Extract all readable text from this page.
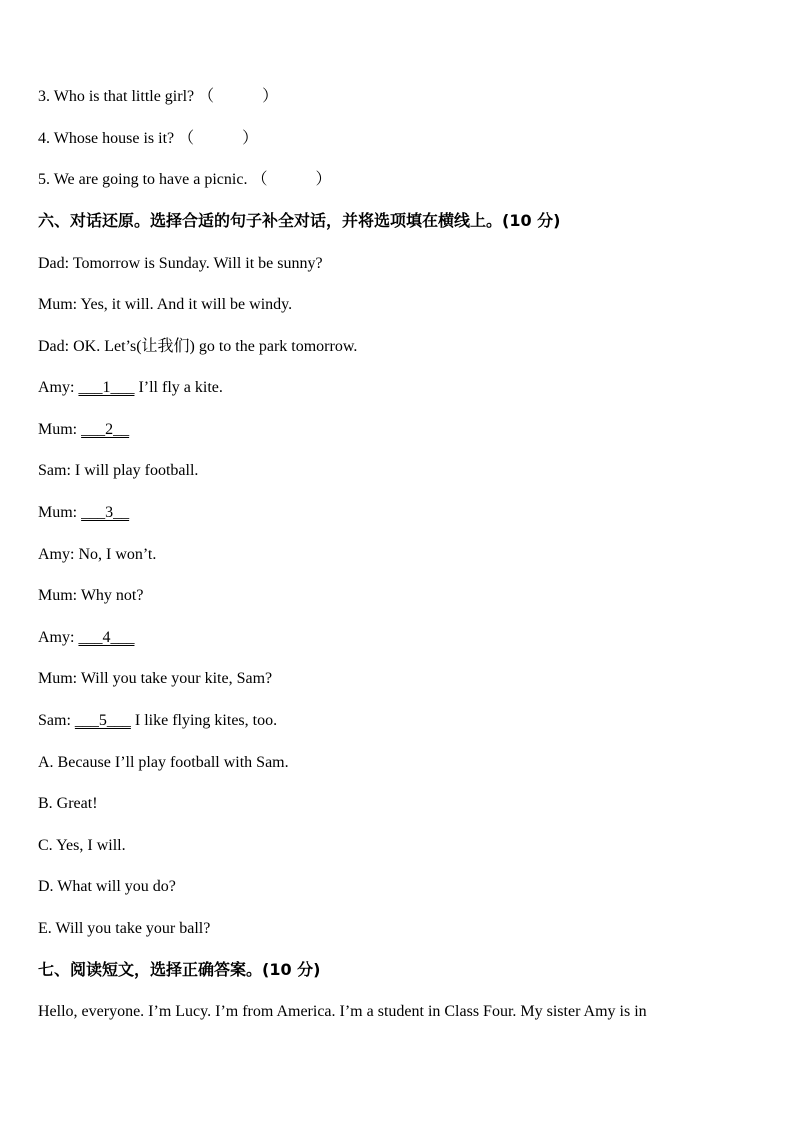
3. Who is that little girl? （            ）
4. Whose house is it? （            ）
5. We are going to have a picnic. （            ）
六、对话还原。选择合适的句子补全对话，并将选项填在横线上。(10 分)
Dad: Tomorrow is Sunday. Will it be sunny?
Mum: Yes, it will. And it will be windy.
Dad: OK. Let’s(让我们) go to the park tomorrow.
Amy: ___1___ I’ll fly a kite.
Mum: ___2__
Sam: I will play football.
Mum: ___3__
Amy: No, I won’t.
Mum: Why not?
Amy: ___4___
Mum: Will you take your kite, Sam?
Sam: ___5___ I like flying kites, too.
A. Because I’ll play football with Sam.
B. Great!
C. Yes, I will.
D. What will you do?
E. Will you take your ball?
七、阅读短文，选择正确答案。(10 分)
Hello, everyone. I’m Lucy. I’m from America. I’m a student in Class Four. My sister Amy is in
